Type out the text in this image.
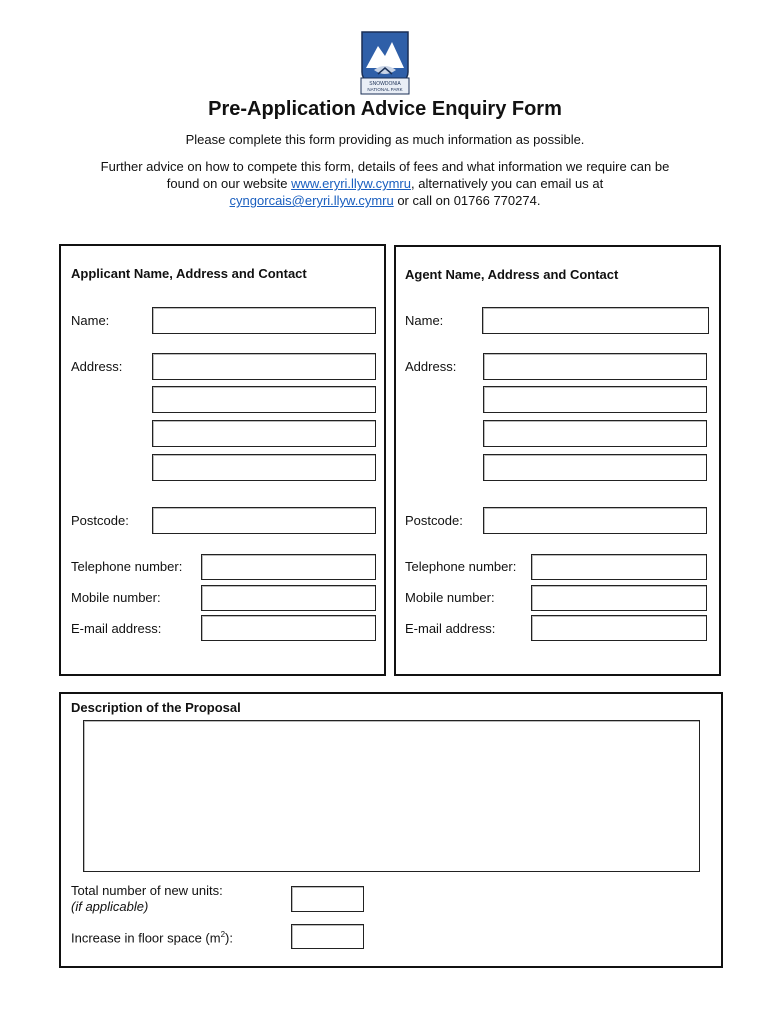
SNOWDONIA
NATIONAL PARK
Pre-Application Advice Enquiry Form
Please complete this form providing as much information as possible.
Further advice on how to compete this form, details of fees and what information we require can be found on our website www.eryri.llyw.cymru, alternatively you can email us at cyngorcais@eryri.llyw.cymru or call on 01766 770274.
Applicant Name, Address and Contact
Name:
Address:
Postcode:
Telephone number:
Mobile number:
E-mail address:
Agent Name, Address and Contact
Name:
Address:
Postcode:
Telephone number:
Mobile number:
E-mail address:
Description of the Proposal
Total number of new units:
(if applicable)
Increase in floor space $(m^2)$:
